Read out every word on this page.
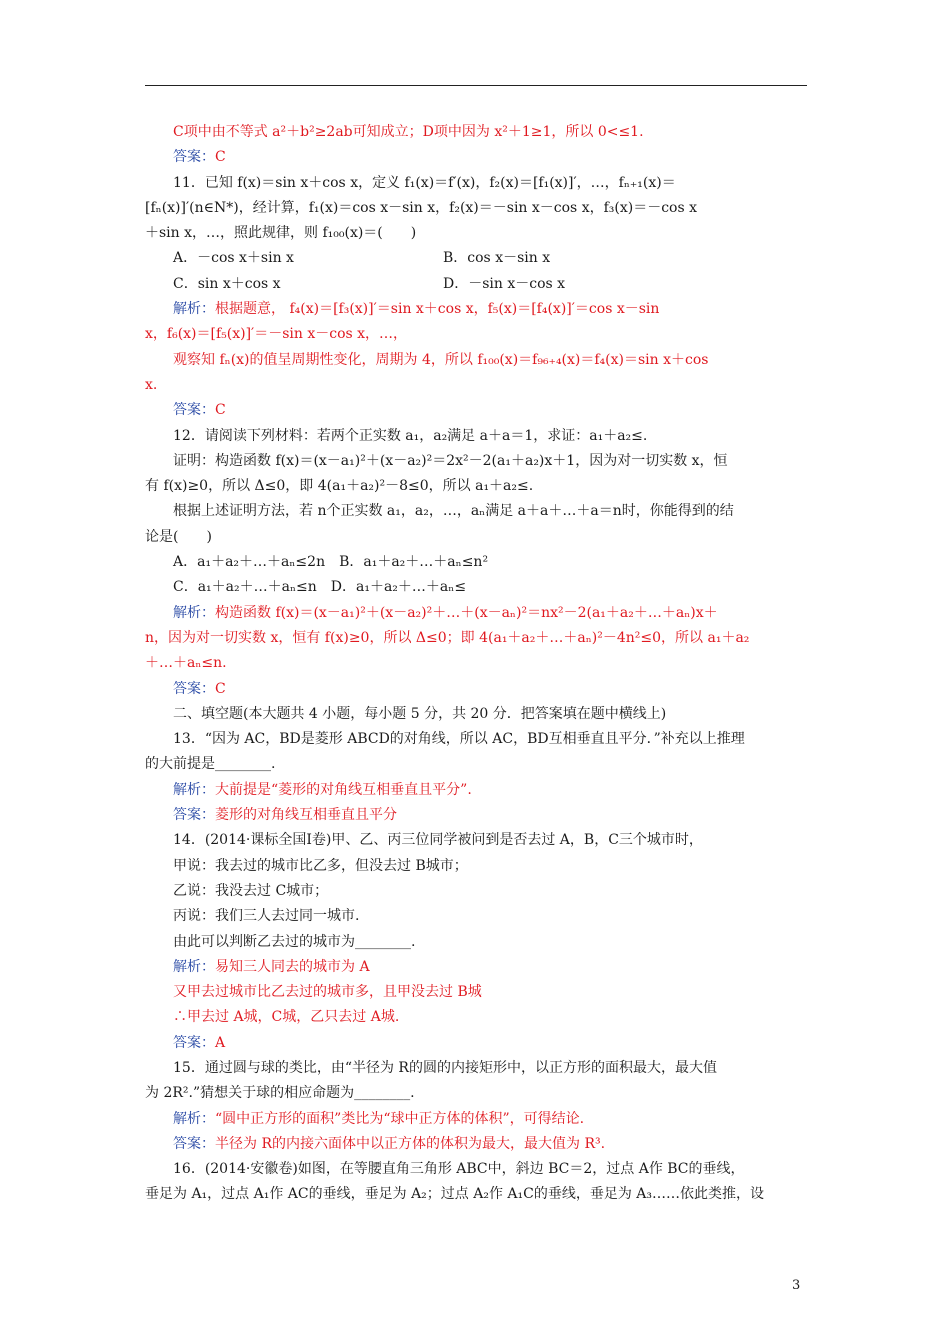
C项中由不等式 a²＋b²≥2ab可知成立；D项中因为 x²＋1≥1，所以 0<≤1.
答案：C
11．已知 f(x)＝sin x＋cos x，定义 f₁(x)＝f′(x)，f₂(x)＝[f₁(x)]′，…，fₙ₊₁(x)＝
[fₙ(x)]′(n∈N*)，经计算，f₁(x)＝cos x－sin x，f₂(x)＝－sin x－cos x，f₃(x)＝－cos x
＋sin x，…，照此规律，则 f₁₀₀(x)＝(　　)
A．－cos x＋sin x	B．cos x－sin x
C．sin x＋cos x	D．－sin x－cos x
解析：根据题意， f₄(x)＝[f₃(x)]′＝sin x＋cos x，f₅(x)＝[f₄(x)]′＝cos x－sin
x，f₆(x)＝[f₅(x)]′＝－sin x－cos x，…，
观察知 fₙ(x)的值呈周期性变化，周期为 4，所以 f₁₀₀(x)＝f₉₆₊₄(x)＝f₄(x)＝sin x＋cos
x.
答案：C
12．请阅读下列材料：若两个正实数 a₁，a₂满足 a＋a＝1，求证：a₁＋a₂≤.
证明：构造函数 f(x)＝(x－a₁)²＋(x－a₂)²＝2x²－2(a₁＋a₂)x＋1，因为对一切实数 x，恒
有 f(x)≥0，所以 Δ≤0，即 4(a₁＋a₂)²－8≤0，所以 a₁＋a₂≤.
根据上述证明方法，若 n个正实数 a₁，a₂，…，aₙ满足 a＋a＋…＋a＝n时，你能得到的结
论是(　　)
A．a₁＋a₂＋…＋aₙ≤2n　B．a₁＋a₂＋…＋aₙ≤n²
C．a₁＋a₂＋…＋aₙ≤n　D．a₁＋a₂＋…＋aₙ≤
解析：构造函数 f(x)＝(x－a₁)²＋(x－a₂)²＋…＋(x－aₙ)²＝nx²－2(a₁＋a₂＋…＋aₙ)x＋
n，因为对一切实数 x，恒有 f(x)≥0，所以 Δ≤0；即 4(a₁＋a₂＋…＋aₙ)²－4n²≤0，所以 a₁＋a₂
＋…＋aₙ≤n.
答案：C
二、填空题(本大题共 4 小题，每小题 5 分，共 20 分．把答案填在题中横线上)
13．“因为 AC，BD是菱形 ABCD的对角线，所以 AC，BD互相垂直且平分．”补充以上推理
的大前提是________.
解析：大前提是“菱形的对角线互相垂直且平分”.
答案：菱形的对角线互相垂直且平分
14．(2014·课标全国Ⅰ卷)甲、乙、丙三位同学被问到是否去过 A，B，C三个城市时，
甲说：我去过的城市比乙多，但没去过 B城市；
乙说：我没去过 C城市；
丙说：我们三人去过同一城市.
由此可以判断乙去过的城市为________.
解析：易知三人同去的城市为 A
又甲去过城市比乙去过的城市多，且甲没去过 B城
∴甲去过 A城，C城，乙只去过 A城.
答案：A
15．通过圆与球的类比，由“半径为 R的圆的内接矩形中，以正方形的面积最大，最大值
为 2R².”猜想关于球的相应命题为________.
解析：“圆中正方形的面积”类比为“球中正方体的体积”，可得结论.
答案：半径为 R的内接六面体中以正方体的体积为最大，最大值为 R³.
16．(2014·安徽卷)如图，在等腰直角三角形 ABC中，斜边 BC＝2，过点 A作 BC的垂线，
垂足为 A₁，过点 A₁作 AC的垂线，垂足为 A₂；过点 A₂作 A₁C的垂线，垂足为 A₃……依此类推，设
3
